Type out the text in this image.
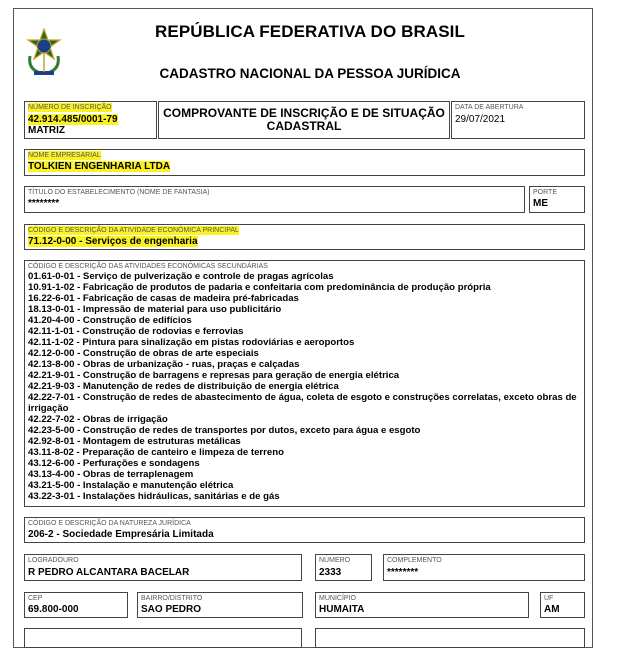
REPÚBLICA FEDERATIVA DO BRASIL
CADASTRO NACIONAL DA PESSOA JURÍDICA
NÚMERO DE INSCRIÇÃO
42.914.485/0001-79
MATRIZ
COMPROVANTE DE INSCRIÇÃO E DE SITUAÇÃO CADASTRAL
DATA DE ABERTURA
29/07/2021
NOME EMPRESARIAL
TOLKIEN ENGENHARIA LTDA
TÍTULO DO ESTABELECIMENTO (NOME DE FANTASIA)
********
PORTE
ME
CÓDIGO E DESCRIÇÃO DA ATIVIDADE ECONÔMICA PRINCIPAL
71.12-0-00 - Serviços de engenharia
CÓDIGO E DESCRIÇÃO DAS ATIVIDADES ECONÔMICAS SECUNDÁRIAS
01.61-0-01 - Serviço de pulverização e controle de pragas agrícolas
10.91-1-02 - Fabricação de produtos de padaria e confeitaria com predominância de produção própria
16.22-6-01 - Fabricação de casas de madeira pré-fabricadas
18.13-0-01 - Impressão de material para uso publicitário
41.20-4-00 - Construção de edifícios
42.11-1-01 - Construção de rodovias e ferrovias
42.11-1-02 - Pintura para sinalização em pistas rodoviárias e aeroportos
42.12-0-00 - Construção de obras de arte especiais
42.13-8-00 - Obras de urbanização - ruas, praças e calçadas
42.21-9-01 - Construção de barragens e represas para geração de energia elétrica
42.21-9-03 - Manutenção de redes de distribuição de energia elétrica
42.22-7-01 - Construção de redes de abastecimento de água, coleta de esgoto e construções correlatas, exceto obras de irrigação
42.22-7-02 - Obras de irrigação
42.23-5-00 - Construção de redes de transportes por dutos, exceto para água e esgoto
42.92-8-01 - Montagem de estruturas metálicas
43.11-8-02 - Preparação de canteiro e limpeza de terreno
43.12-6-00 - Perfurações e sondagens
43.13-4-00 - Obras de terraplenagem
43.21-5-00 - Instalação e manutenção elétrica
43.22-3-01 - Instalações hidráulicas, sanitárias e de gás
CÓDIGO E DESCRIÇÃO DA NATUREZA JURÍDICA
206-2 - Sociedade Empresária Limitada
LOGRADOURO
R PEDRO ALCANTARA BACELAR
NÚMERO
2333
COMPLEMENTO
********
CEP
69.800-000
BAIRRO/DISTRITO
SAO PEDRO
MUNICÍPIO
HUMAITA
UF
AM
